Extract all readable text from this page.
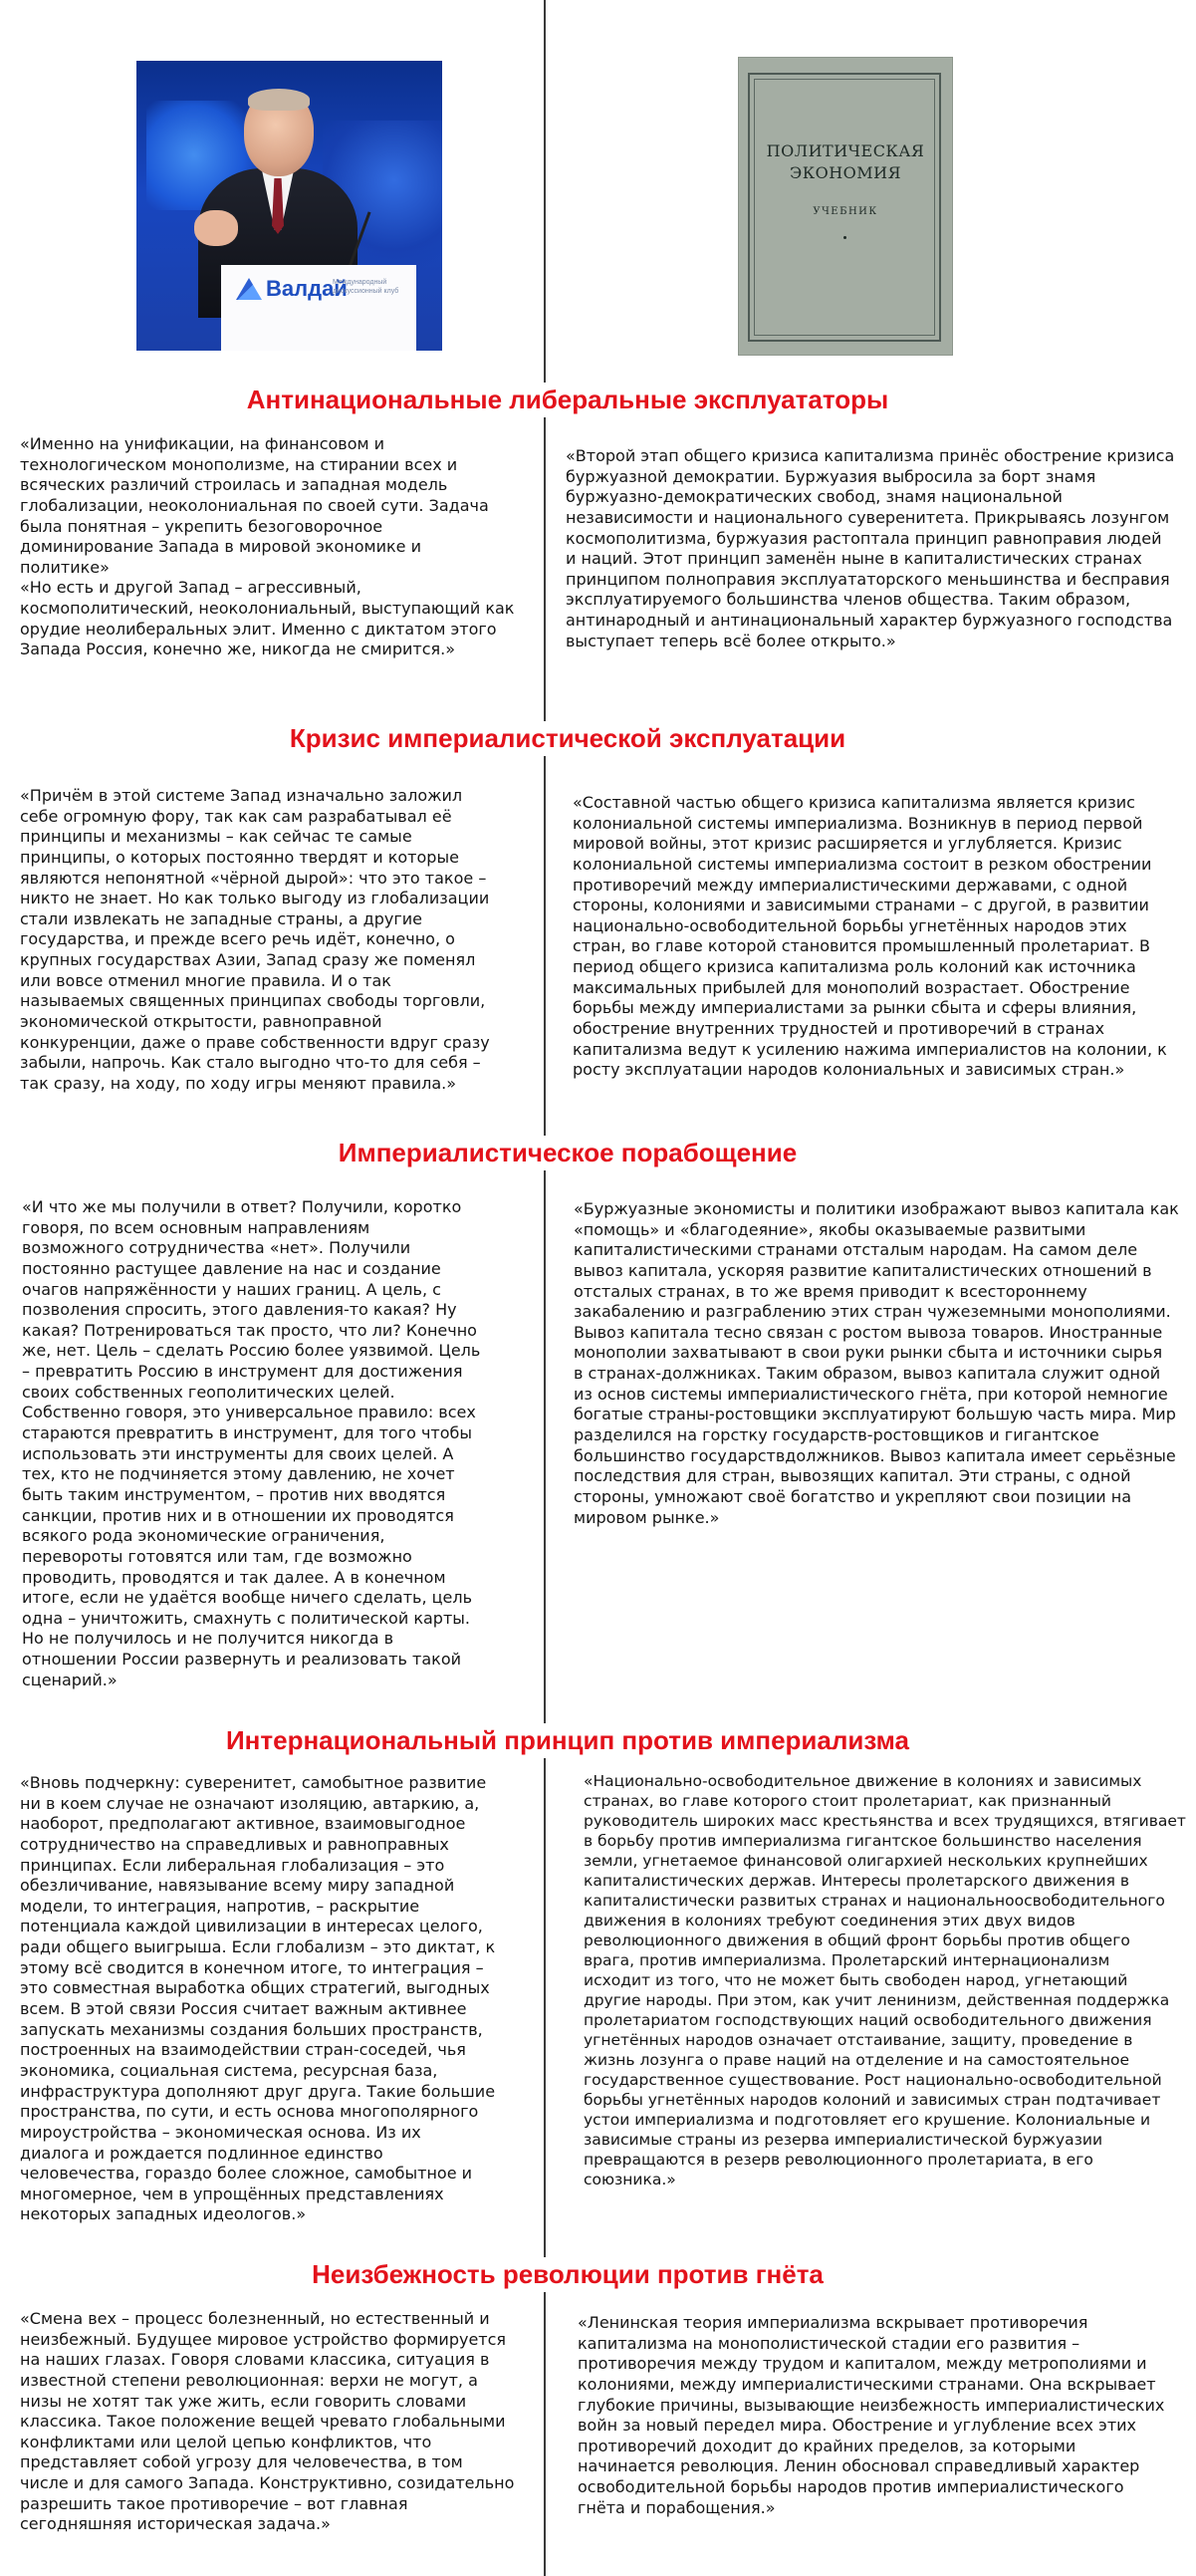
Валдай
Международный дискуссионный клуб
ПОЛИТИЧЕСКАЯ
ЭКОНОМИЯ
УЧЕБНИК
Антинациональные либеральные эксплуататоры

«Именно на унификации, на финансовом и
технологическом монополизме, на стирании всех и
всяческих различий строилась и западная модель
глобализации, неоколониальная по своей сути. Задача
была понятная – укрепить безоговорочное
доминирование Запада в мировой экономике и
политике»
«Но есть и другой Запад – агрессивный,
космополитический, неоколониальный, выступающий как
орудие неолиберальных элит. Именно с диктатом этого
Запада Россия, конечно же, никогда не смирится.»

«Второй этап общего кризиса капитализма принёс обострение кризиса
буржуазной демократии. Буржуазия выбросила за борт знамя
буржуазно-демократических свобод, знамя национальной
независимости и национального суверенитета. Прикрываясь лозунгом
космополитизма, буржуазия растоптала принцип равноправия людей
и наций. Этот принцип заменён ныне в капиталистических странах
принципом полноправия эксплуататорского меньшинства и бесправия
эксплуатируемого большинства членов общества. Таким образом,
антинародный и антинациональный характер буржуазного господства
выступает теперь всё более открыто.»

Кризис империалистической эксплуатации

«Причём в этой системе Запад изначально заложил
себе огромную фору, так как сам разрабатывал её
принципы и механизмы – как сейчас те самые
принципы, о которых постоянно твердят и которые
являются непонятной «чёрной дырой»: что это такое –
никто не знает. Но как только выгоду из глобализации
стали извлекать не западные страны, а другие
государства, и прежде всего речь идёт, конечно, о
крупных государствах Азии, Запад сразу же поменял
или вовсе отменил многие правила. И о так
называемых священных принципах свободы торговли,
экономической открытости, равноправной
конкуренции, даже о праве собственности вдруг сразу
забыли, напрочь. Как стало выгодно что-то для себя –
так сразу, на ходу, по ходу игры меняют правила.»

«Составной частью общего кризиса капитализма является кризис
колониальной системы империализма. Возникнув в период первой
мировой войны, этот кризис расширяется и углубляется. Кризис
колониальной системы империализма состоит в резком обострении
противоречий между империалистическими державами, с одной
стороны, колониями и зависимыми странами – с другой, в развитии
национально-освободительной борьбы угнетённых народов этих
стран, во главе которой становится промышленный пролетариат. В
период общего кризиса капитализма роль колоний как источника
максимальных прибылей для монополий возрастает. Обострение
борьбы между империалистами за рынки сбыта и сферы влияния,
обострение внутренних трудностей и противоречий в странах
капитализма ведут к усилению нажима империалистов на колонии, к
росту эксплуатации народов колониальных и зависимых стран.»

Империалистическое порабощение

«И что же мы получили в ответ? Получили, коротко
говоря, по всем основным направлениям
возможного сотрудничества «нет». Получили
постоянно растущее давление на нас и создание
очагов напряжённости у наших границ. А цель, с
позволения спросить, этого давления-то какая? Ну
какая? Потренироваться так просто, что ли? Конечно
же, нет. Цель – сделать Россию более уязвимой. Цель
– превратить Россию в инструмент для достижения
своих собственных геополитических целей.
Собственно говоря, это универсальное правило: всех
стараются превратить в инструмент, для того чтобы
использовать эти инструменты для своих целей. А
тех, кто не подчиняется этому давлению, не хочет
быть таким инструментом, – против них вводятся
санкции, против них и в отношении их проводятся
всякого рода экономические ограничения,
перевороты готовятся или там, где возможно
проводить, проводятся и так далее. А в конечном
итоге, если не удаётся вообще ничего сделать, цель
одна – уничтожить, смахнуть с политической карты.
Но не получилось и не получится никогда в
отношении России развернуть и реализовать такой
сценарий.»

«Буржуазные экономисты и политики изображают вывоз капитала как
«помощь» и «благодеяние», якобы оказываемые развитыми
капиталистическими странами отсталым народам. На самом деле
вывоз капитала, ускоряя развитие капиталистических отношений в
отсталых странах, в то же время приводит к всестороннему
закабалению и разграблению этих стран чужеземными монополиями.
Вывоз капитала тесно связан с ростом вывоза товаров. Иностранные
монополии захватывают в свои руки рынки сбыта и источники сырья
в странах-должниках. Таким образом, вывоз капитала служит одной
из основ системы империалистического гнёта, при которой немногие
богатые страны-ростовщики эксплуатируют большую часть мира. Мир
разделился на горстку государств-ростовщиков и гигантское
большинство государствдолжников. Вывоз капитала имеет серьёзные
последствия для стран, вывозящих капитал. Эти страны, с одной
стороны, умножают своё богатство и укрепляют свои позиции на
мировом рынке.»

Интернациональный принцип против империализма

«Вновь подчеркну: суверенитет, самобытное развитие
ни в коем случае не означают изоляцию, автаркию, а,
наоборот, предполагают активное, взаимовыгодное
сотрудничество на справедливых и равноправных
принципах. Если либеральная глобализация – это
обезличивание, навязывание всему миру западной
модели, то интеграция, напротив, – раскрытие
потенциала каждой цивилизации в интересах целого,
ради общего выигрыша. Если глобализм – это диктат, к
этому всё сводится в конечном итоге, то интеграция –
это совместная выработка общих стратегий, выгодных
всем. В этой связи Россия считает важным активнее
запускать механизмы создания больших пространств,
построенных на взаимодействии стран-соседей, чья
экономика, социальная система, ресурсная база,
инфраструктура дополняют друг друга. Такие большие
пространства, по сути, и есть основа многополярного
мироустройства – экономическая основа. Из их
диалога и рождается подлинное единство
человечества, гораздо более сложное, самобытное и
многомерное, чем в упрощённых представлениях
некоторых западных идеологов.»

«Национально-освободительное движение в колониях и зависимых
странах, во главе которого стоит пролетариат, как признанный
руководитель широких масс крестьянства и всех трудящихся, втягивает
в борьбу против империализма гигантское большинство населения
земли, угнетаемое финансовой олигархией нескольких крупнейших
капиталистических держав. Интересы пролетарского движения в
капиталистически развитых странах и национальноосвободительного
движения в колониях требуют соединения этих двух видов
революционного движения в общий фронт борьбы против общего
врага, против империализма. Пролетарский интернационализм
исходит из того, что не может быть свободен народ, угнетающий
другие народы. При этом, как учит ленинизм, действенная поддержка
пролетариатом господствующих наций освободительного движения
угнетённых народов означает отстаивание, защиту, проведение в
жизнь лозунга о праве наций на отделение и на самостоятельное
государственное существование. Рост национально-освободительной
борьбы угнетённых народов колоний и зависимых стран подтачивает
устои империализма и подготовляет его крушение. Колониальные и
зависимые страны из резерва империалистической буржуазии
превращаются в резерв революционного пролетариата, в его
союзника.»

Неизбежность революции против гнёта

«Смена вех – процесс болезненный, но естественный и
неизбежный. Будущее мировое устройство формируется
на наших глазах. Говоря словами классика, ситуация в
известной степени революционная: верхи не могут, а
низы не хотят так уже жить, если говорить словами
классика. Такое положение вещей чревато глобальными
конфликтами или целой цепью конфликтов, что
представляет собой угрозу для человечества, в том
числе и для самого Запада. Конструктивно, созидательно
разрешить такое противоречие – вот главная
сегодняшняя историческая задача.»

«Ленинская теория империализма вскрывает противоречия
капитализма на монополистической стадии его развития –
противоречия между трудом и капиталом, между метрополиями и
колониями, между империалистическими странами. Она вскрывает
глубокие причины, вызывающие неизбежность империалистических
войн за новый передел мира. Обострение и углубление всех этих
противоречий доходит до крайних пределов, за которыми
начинается революция. Ленин обосновал справедливый характер
освободительной борьбы народов против империалистического
гнёта и порабощения.»
